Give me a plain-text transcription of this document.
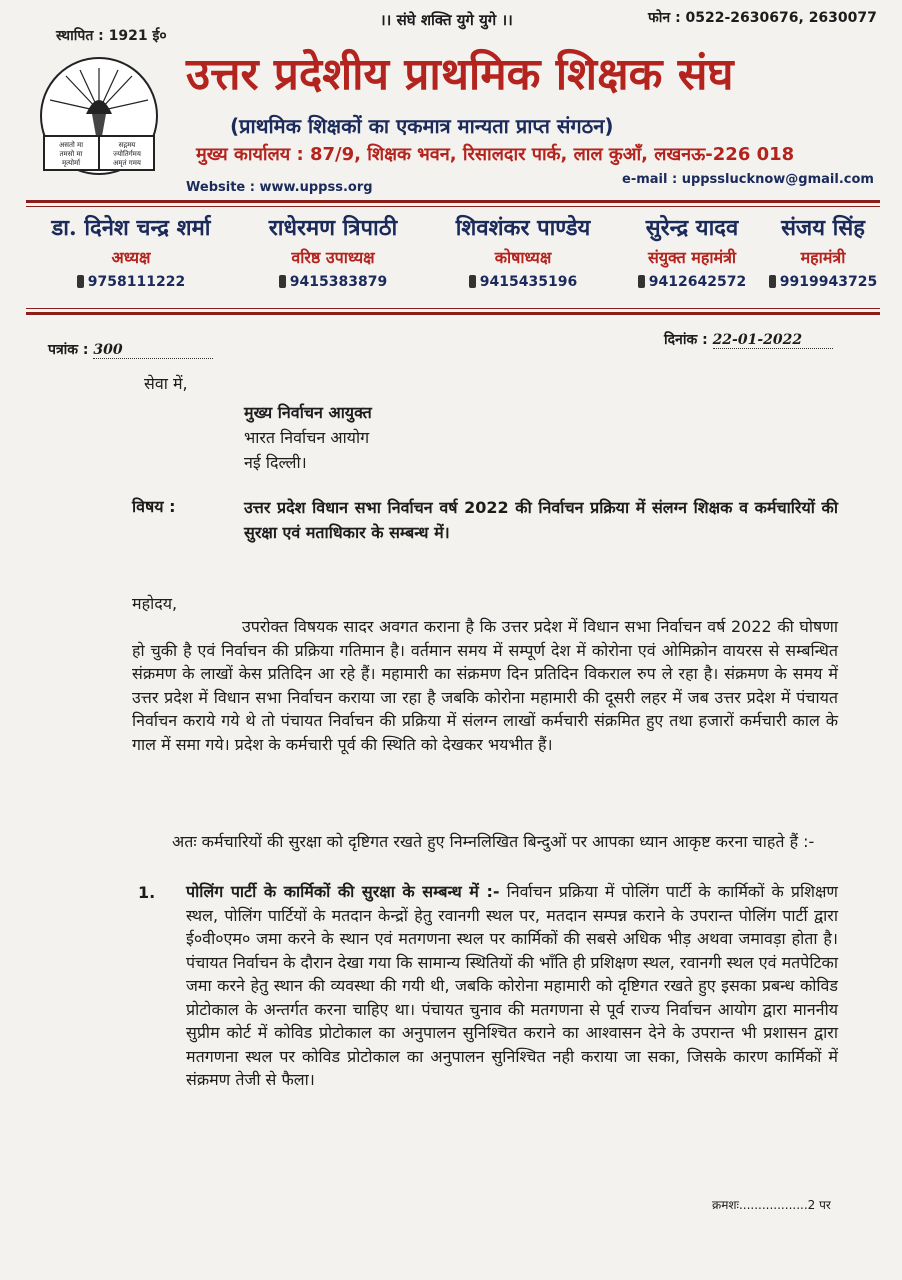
स्थापित : 1921 ई०
।। संघे शक्ति युगे युगे ।।	फोन : 0522-2630676, 2630077
असतो मा
तमसो मा
मृत्योर्मा
सद्गमय
ज्योतिर्गमय
अमृतं गमय
उत्तर प्रदेशीय प्राथमिक शिक्षक संघ
(प्राथमिक शिक्षकों का एकमात्र मान्यता प्राप्त संगठन)
मुख्य कार्यालय : 87/9, शिक्षक भवन, रिसालदार पार्क, लाल कुआँ, लखनऊ-226 018
Website : www.uppss.org
e-mail : uppsslucknow@gmail.com
डा. दिनेश चन्द्र शर्मा
अध्यक्ष
9758111222
राधेरमण त्रिपाठी
वरिष्ठ उपाध्यक्ष
9415383879
शिवशंकर पाण्डेय
कोषाध्यक्ष
9415435196
सुरेन्द्र यादव
संयुक्त महामंत्री
9412642572
संजय सिंह
महामंत्री
9919943725
पत्रांक : 300
दिनांक : 22-01-2022
सेवा में,
मुख्य निर्वाचन आयुक्त
भारत निर्वाचन आयोग
नई दिल्ली।
विषय :	उत्तर प्रदेश विधान सभा निर्वाचन वर्ष 2022 की निर्वाचन प्रक्रिया में संलग्न शिक्षक व कर्मचारियों की सुरक्षा एवं मताधिकार के सम्बन्ध में।
महोदय,
उपरोक्त विषयक सादर अवगत कराना है कि उत्तर प्रदेश में विधान सभा निर्वाचन वर्ष 2022 की घोषणा हो चुकी है एवं निर्वाचन की प्रक्रिया गतिमान है। वर्तमान समय में सम्पूर्ण देश में कोरोना एवं ओमिक्रोन वायरस से सम्बन्धित संक्रमण के लाखों केस प्रतिदिन आ रहे हैं। महामारी का संक्रमण दिन प्रतिदिन विकराल रुप ले रहा है। संक्रमण के समय में उत्तर प्रदेश में विधान सभा निर्वाचन कराया जा रहा है जबकि कोरोना महामारी की दूसरी लहर में जब उत्तर प्रदेश में पंचायत निर्वाचन कराये गये थे तो पंचायत निर्वाचन की प्रक्रिया में संलग्न लाखों कर्मचारी संक्रमित हुए तथा हजारों कर्मचारी काल के गाल में समा गये। प्रदेश के कर्मचारी पूर्व की स्थिति को देखकर भयभीत हैं।
अतः कर्मचारियों की सुरक्षा को दृष्टिगत रखते हुए निम्नलिखित बिन्दुओं पर आपका ध्यान आकृष्ट करना चाहते हैं :-
1. पोलिंग पार्टी के कार्मिकों की सुरक्षा के सम्बन्ध में :- निर्वाचन प्रक्रिया में पोलिंग पार्टी के कार्मिकों के प्रशिक्षण स्थल, पोलिंग पार्टियों के मतदान केन्द्रों हेतु रवानगी स्थल पर, मतदान सम्पन्न कराने के उपरान्त पोलिंग पार्टी द्वारा ई०वी०एम० जमा करने के स्थान एवं मतगणना स्थल पर कार्मिकों की सबसे अधिक भीड़ अथवा जमावड़ा होता है। पंचायत निर्वाचन के दौरान देखा गया कि सामान्य स्थितियों की भाँति ही प्रशिक्षण स्थल, रवानगी स्थल एवं मतपेटिका जमा करने हेतु स्थान की व्यवस्था की गयी थी, जबकि कोरोना महामारी को दृष्टिगत रखते हुए इसका प्रबन्ध कोविड प्रोटोकाल के अन्तर्गत करना चाहिए था। पंचायत चुनाव की मतगणना से पूर्व राज्य निर्वाचन आयोग द्वारा माननीय सुप्रीम कोर्ट में कोविड प्रोटोकाल का अनुपालन सुनिश्चित कराने का आश्वासन देने के उपरान्त भी प्रशासन द्वारा मतगणना स्थल पर कोविड प्रोटोकाल का अनुपालन सुनिश्चित नही कराया जा सका, जिसके कारण कार्मिकों में संक्रमण तेजी से फैला।
क्रमशः..................2 पर
